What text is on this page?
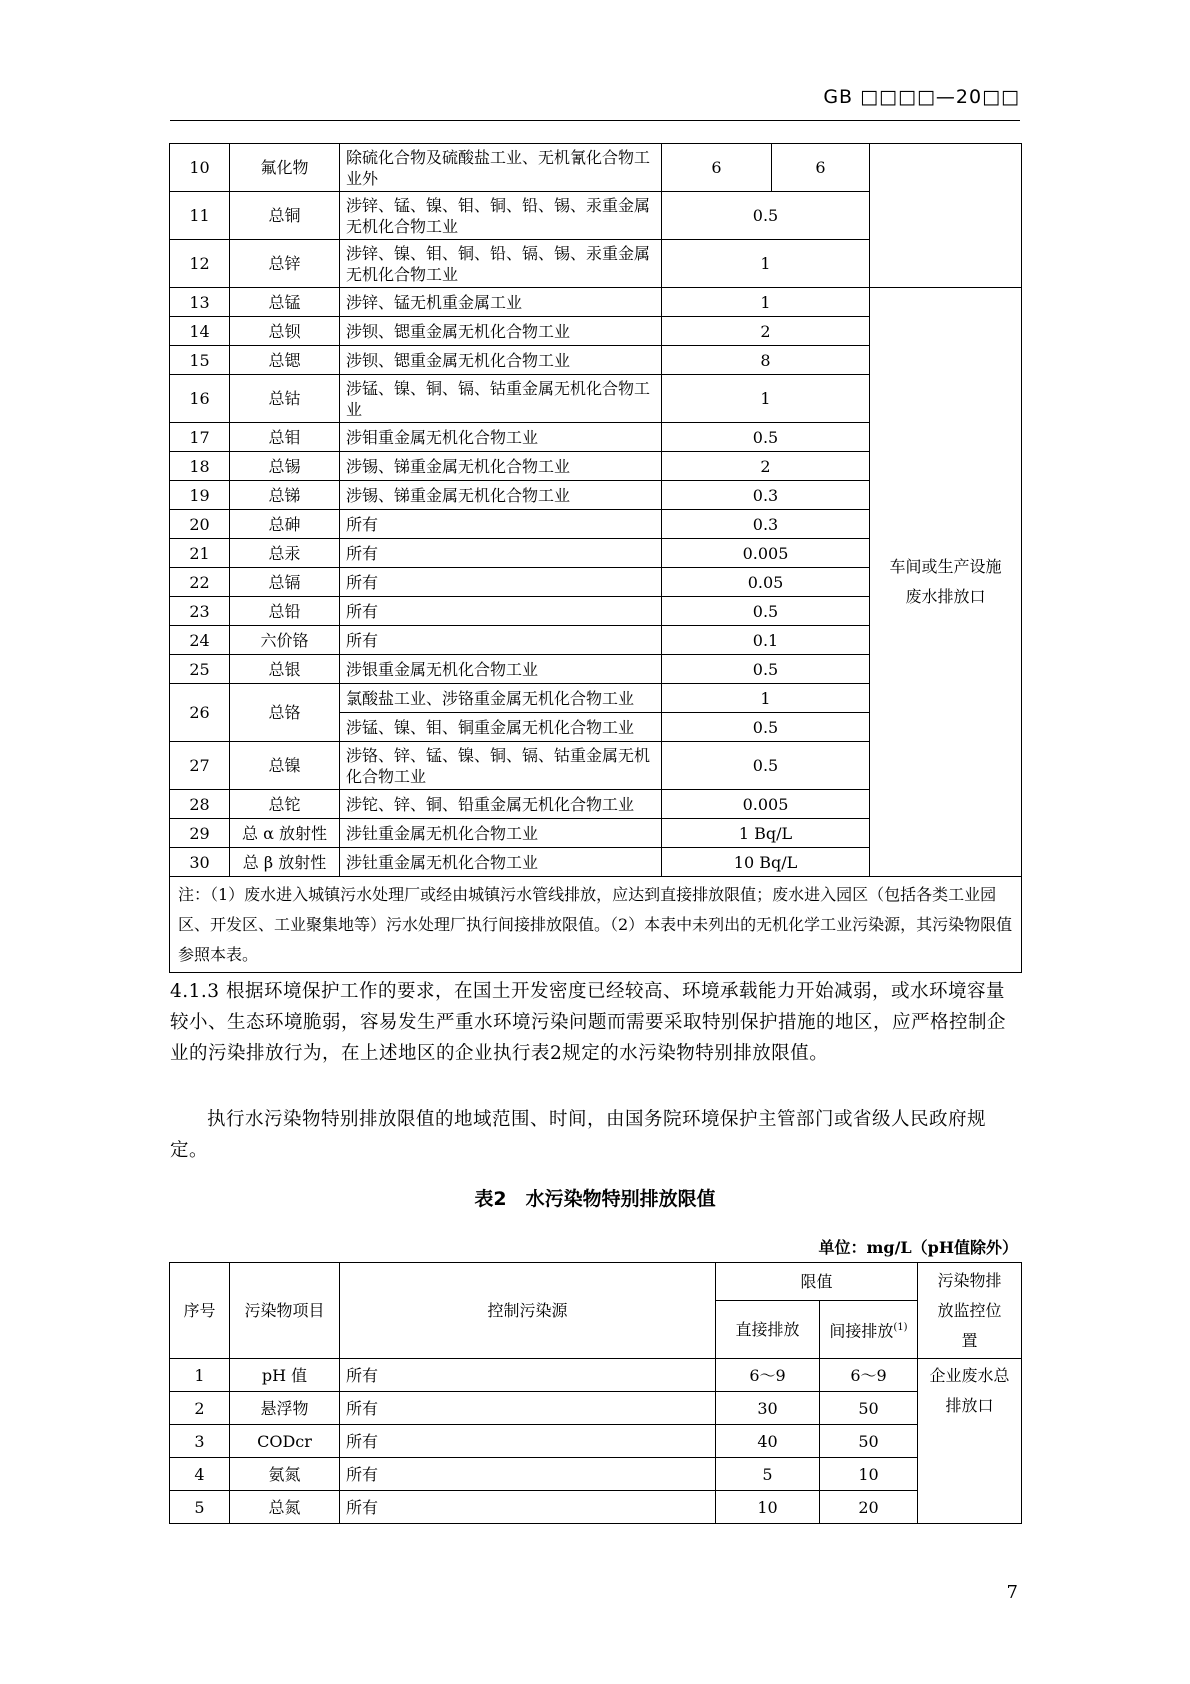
GB □□□□—20□□
10	氟化物	除硫化合物及硫酸盐工业、无机氰化合物工业外	6	6	
11	总铜	涉锌、锰、镍、钼、铜、铅、锡、汞重金属无机化合物工业	0.5		
12	总锌	涉锌、镍、钼、铜、铅、镉、锡、汞重金属无机化合物工业	1		
13	总锰	涉锌、锰无机重金属工业	1		车间或生产设施废水排放口
14	总钡	涉钡、锶重金属无机化合物工业	2		
15	总锶	涉钡、锶重金属无机化合物工业	8		
16	总钴	涉锰、镍、铜、镉、钴重金属无机化合物工业	1		
17	总钼	涉钼重金属无机化合物工业	0.5		
18	总锡	涉锡、锑重金属无机化合物工业	2		
19	总锑	涉锡、锑重金属无机化合物工业	0.3		
20	总砷	所有	0.3		
21	总汞	所有	0.005		
22	总镉	所有	0.05		
23	总铅	所有	0.5		
24	六价铬	所有	0.1		
25	总银	涉银重金属无机化合物工业	0.5		
26	总铬	氯酸盐工业、涉铬重金属无机化合物工业	1		
		涉锰、镍、钼、铜重金属无机化合物工业	0.5		
27	总镍	涉铬、锌、锰、镍、铜、镉、钴重金属无机化合物工业	0.5		
28	总铊	涉铊、锌、铜、铅重金属无机化合物工业	0.005		
29	总 α 放射性	涉钍重金属无机化合物工业	1 Bq/L		
30	总 β 放射性	涉钍重金属无机化合物工业	10 Bq/L		
注：（1）废水进入城镇污水处理厂或经由城镇污水管线排放，应达到直接排放限值；废水进入园区（包括各类工业园区、开发区、工业聚集地等）污水处理厂执行间接排放限值。（2）本表中未列出的无机化学工业污染源，其污染物限值参照本表。					

4.1.3 根据环境保护工作的要求，在国土开发密度已经较高、环境承载能力开始减弱，或水环境容量较小、生态环境脆弱，容易发生严重水环境污染问题而需要采取特别保护措施的地区，应严格控制企业的污染排放行为，在上述地区的企业执行表2规定的水污染物特别排放限值。

执行水污染物特别排放限值的地域范围、时间，由国务院环境保护主管部门或省级人民政府规定。

表2　水污染物特别排放限值
单位：mg/L（pH值除外）
序号	污染物项目	控制污染源	限值		污染物排放监控位置
			直接排放	间接排放$^{(1)}$
1	pH 值	所有	6～9	6～9	企业废水总排放口
2	悬浮物	所有	30	50	
3	CODcr	所有	40	50	
4	氨氮	所有	5	10	
5	总氮	所有	10	20	
7
